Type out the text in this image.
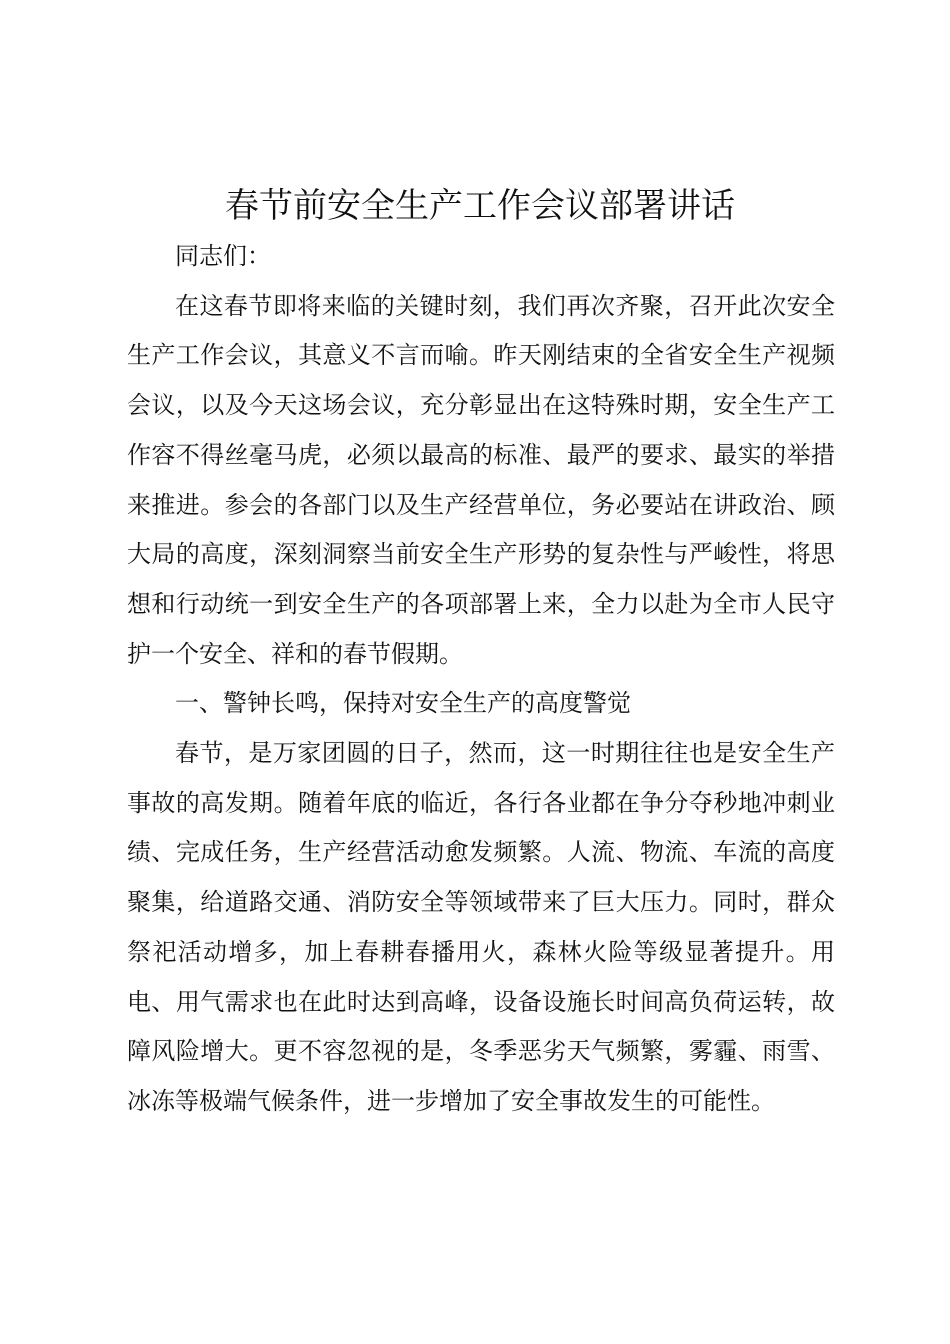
春节前安全生产工作会议部署讲话

同志们：

在这春节即将来临的关键时刻，我们再次齐聚，召开此次安全生产工作会议，其意义不言而喻。昨天刚结束的全省安全生产视频会议，以及今天这场会议，充分彰显出在这特殊时期，安全生产工作容不得丝毫马虎，必须以最高的标准、最严的要求、最实的举措来推进。参会的各部门以及生产经营单位，务必要站在讲政治、顾大局的高度，深刻洞察当前安全生产形势的复杂性与严峻性，将思想和行动统一到安全生产的各项部署上来，全力以赴为全市人民守护一个安全、祥和的春节假期。

一、警钟长鸣，保持对安全生产的高度警觉

春节，是万家团圆的日子，然而，这一时期往往也是安全生产事故的高发期。随着年底的临近，各行各业都在争分夺秒地冲刺业绩、完成任务，生产经营活动愈发频繁。人流、物流、车流的高度聚集，给道路交通、消防安全等领域带来了巨大压力。同时，群众祭祀活动增多，加上春耕春播用火，森林火险等级显著提升。用电、用气需求也在此时达到高峰，设备设施长时间高负荷运转，故障风险增大。更不容忽视的是，冬季恶劣天气频繁，雾霾、雨雪、冰冻等极端气候条件，进一步增加了安全事故发生的可能性。
